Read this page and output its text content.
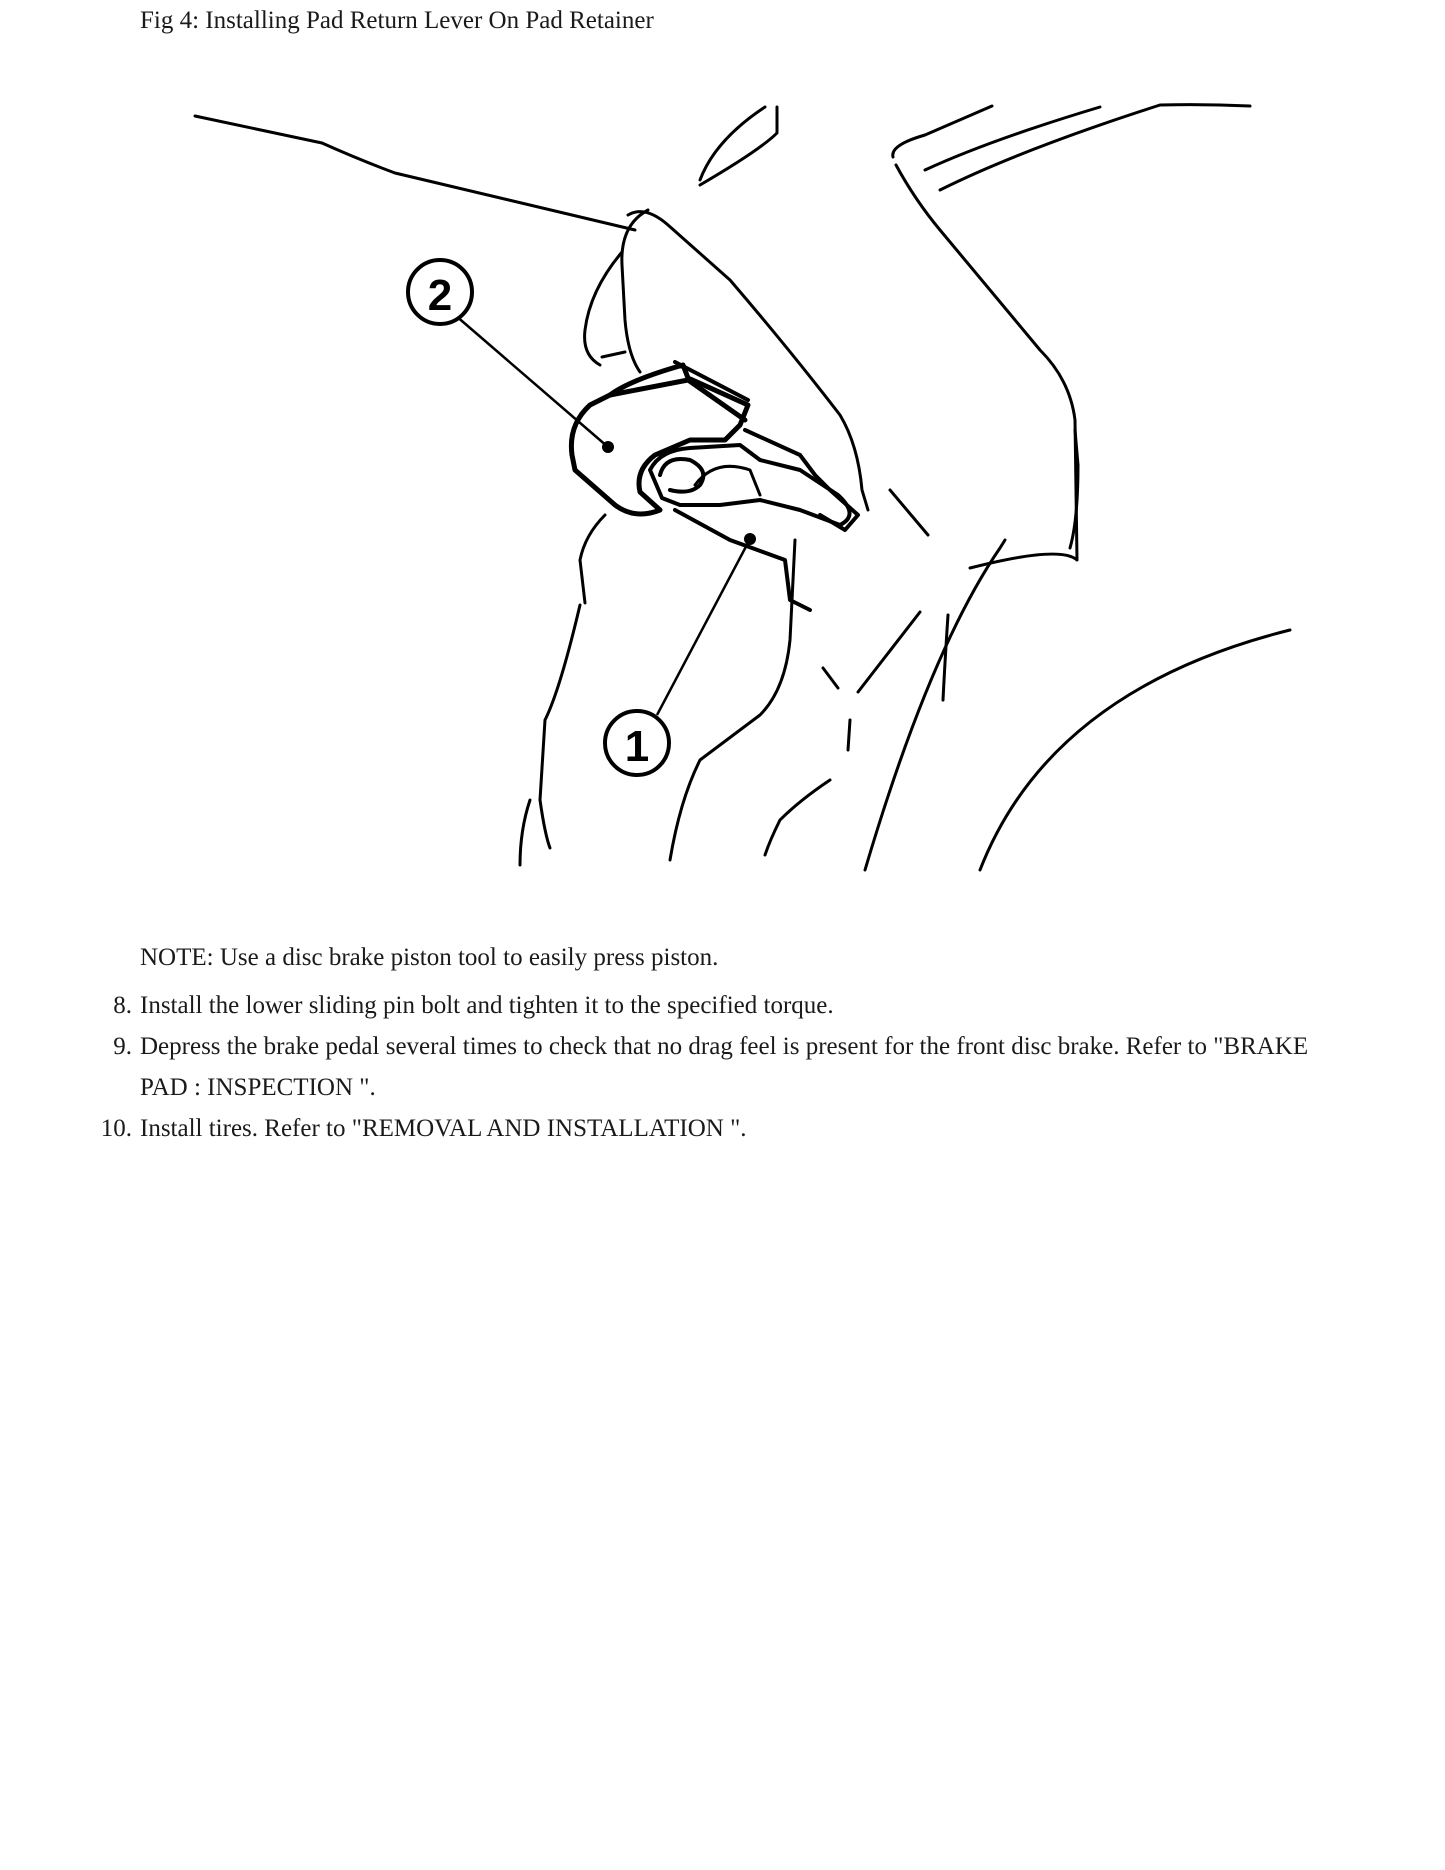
Fig 4: Installing Pad Return Lever On Pad Retainer
2
1
NOTE: Use a disc brake piston tool to easily press piston.
8. Install the lower sliding pin bolt and tighten it to the specified torque.
9. Depress the brake pedal several times to check that no drag feel is present for the front disc brake. Refer to "BRAKE PAD : INSPECTION ".
10. Install tires. Refer to "REMOVAL AND INSTALLATION ".
